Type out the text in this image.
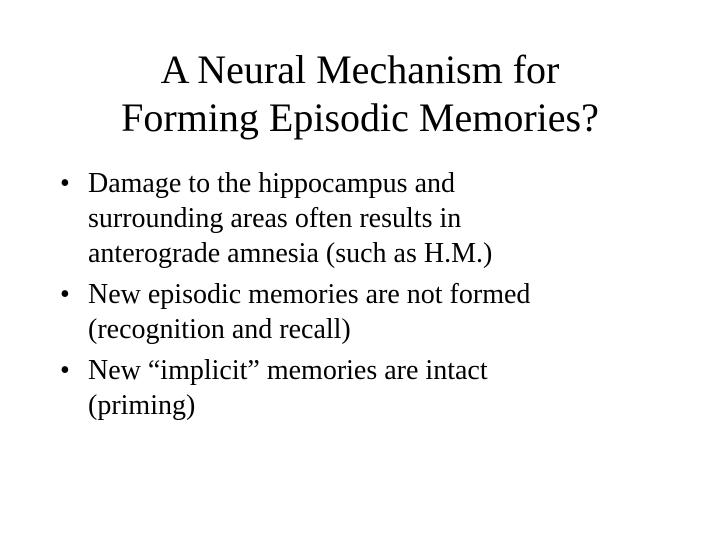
A Neural Mechanism for
Forming Episodic Memories?
• Damage to the hippocampus and
surrounding areas often results in
anterograde amnesia (such as H.M.)
• New episodic memories are not formed
(recognition and recall)
• New “implicit” memories are intact
(priming)
